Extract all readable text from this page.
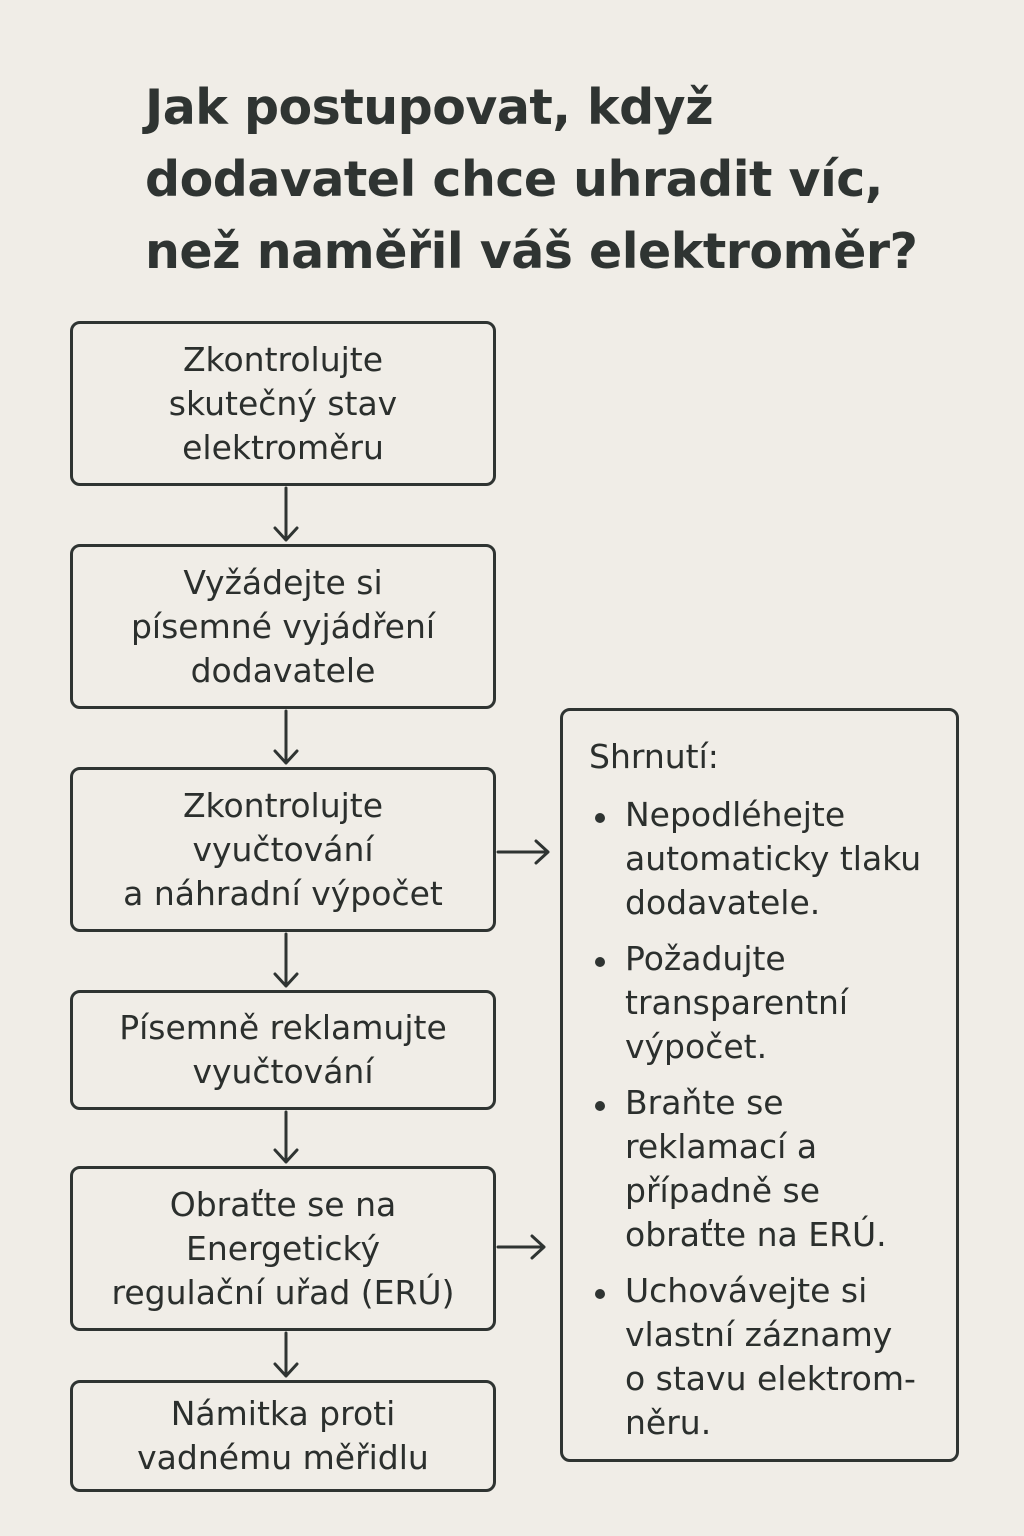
Jak postupovat, když
dodavatel chce uhradit víc,
než naměřil váš elektroměr?
Zkontrolujte
skutečný stav
elektroměru
Vyžádejte si
písemné vyjádření
dodavatele
Zkontrolujte
vyučtování
a náhradní výpočet
Písemně reklamujte
vyučtování
Obraťte se na
Energetický
regulační uřad (ERÚ)
Námitka proti
vadnému měřidlu
Shrnutí:
Nepodléhejte
automaticky tlaku
dodavatele.
Požadujte
transparentní
výpočet.
Braňte se
reklamací a
případně se
obraťte na ERÚ.
Uchovávejte si
vlastní záznamy
o stavu elektrom-
něru.
